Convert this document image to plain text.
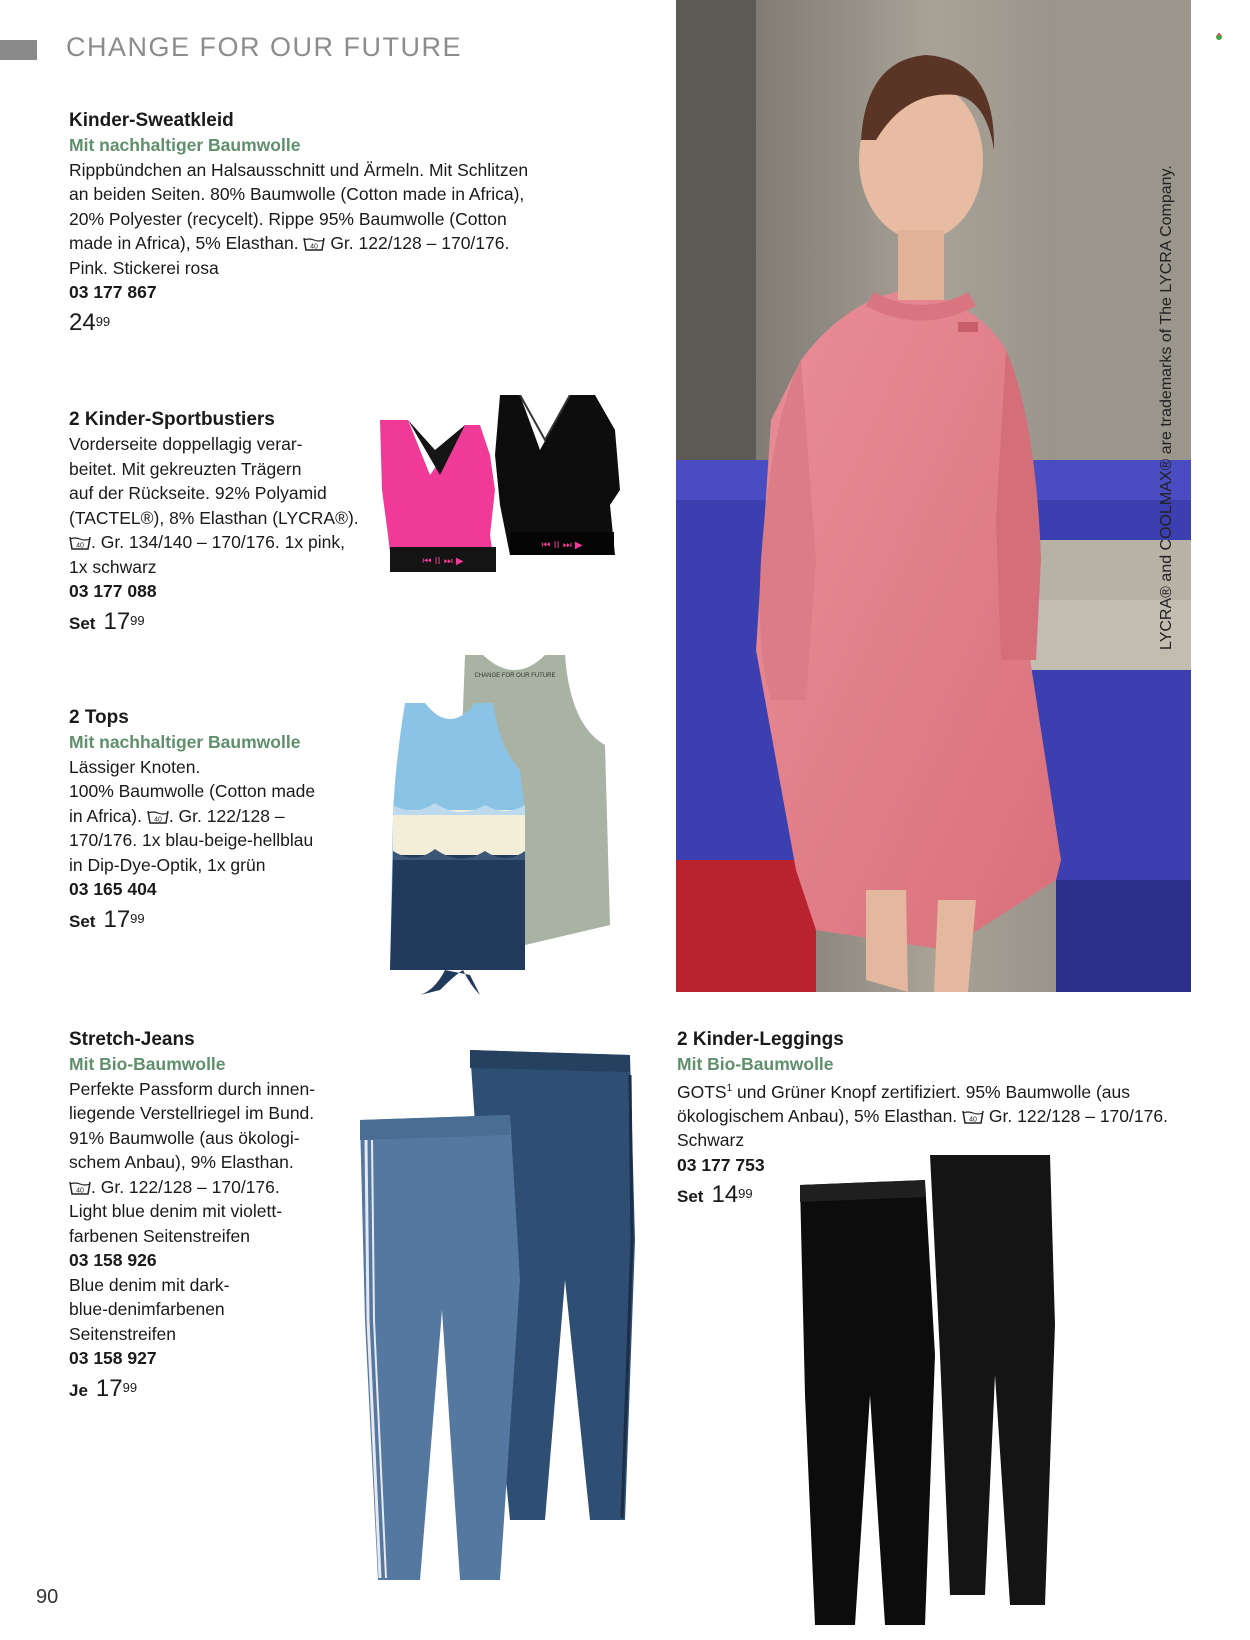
CHANGE FOR OUR FUTURE
Kinder-Sweatkleid
Mit nachhaltiger Baumwolle
Rippbündchen an Halsausschnitt und Ärmeln. Mit Schlitzen
an beiden Seiten. 80% Baumwolle (Cotton made in Africa),
20% Polyester (recycelt). Rippe 95% Baumwolle (Cotton
made in Africa), 5% Elasthan. 40 Gr. 122/128 – 170/176.
Pink. Stickerei rosa
03 177 867
$24^{99}$
2 Kinder-Sportbustiers
Vorderseite doppellagig verar-
beitet. Mit gekreuzten Trägern
auf der Rückseite. 92% Polyamid
(TACTEL®), 8% Elasthan (LYCRA®).
40 . Gr. 134/140 – 170/176. 1x pink,
1x schwarz
03 177 088
Set $17^{99}$
2 Tops
Mit nachhaltiger Baumwolle
Lässiger Knoten.
100% Baumwolle (Cotton made
in Africa). 40 . Gr. 122/128 –
170/176. 1x blau-beige-hellblau
in Dip-Dye-Optik, 1x grün
03 165 404
Set $17^{99}$
Stretch-Jeans
Mit Bio-Baumwolle
Perfekte Passform durch innen-
liegende Verstellriegel im Bund.
91% Baumwolle (aus ökologi-
schem Anbau), 9% Elasthan.
40 . Gr. 122/128 – 170/176.
Light blue denim mit violett-
farbenen Seitenstreifen
03 158 926
Blue denim mit dark-
blue-denimfarbenen
Seitenstreifen
03 158 927
Je $17^{99}$
2 Kinder-Leggings
Mit Bio-Baumwolle
GOTS$^1$ und Grüner Knopf zertifiziert. 95% Baumwolle (aus
ökologischem Anbau), 5% Elasthan. 40 Gr. 122/128 – 170/176.
Schwarz
03 177 753
Set $14^{99}$
LYCRA® and COOLMAX® are trademarks of The LYCRA Company.
⏮ II ⏭ ▶
⏮ II ⏭ ▶
CHANGE FOR OUR FUTURE
90
